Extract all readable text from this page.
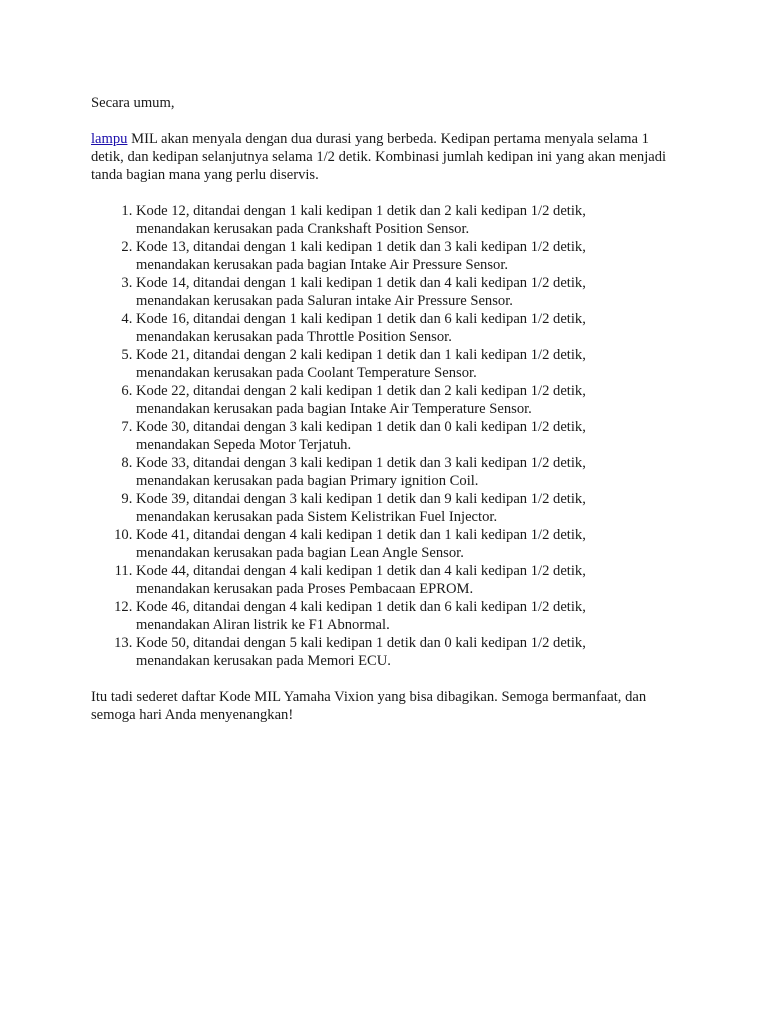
Secara umum,

lampu MIL akan menyala dengan dua durasi yang berbeda. Kedipan pertama menyala selama 1 detik, dan kedipan selanjutnya selama 1/2 detik. Kombinasi jumlah kedipan ini yang akan menjadi tanda bagian mana yang perlu diservis.

1. Kode 12, ditandai dengan 1 kali kedipan 1 detik dan 2 kali kedipan 1/2 detik, menandakan kerusakan pada Crankshaft Position Sensor.
2. Kode 13, ditandai dengan 1 kali kedipan 1 detik dan 3 kali kedipan 1/2 detik, menandakan kerusakan pada bagian Intake Air Pressure Sensor.
3. Kode 14, ditandai dengan 1 kali kedipan 1 detik dan 4 kali kedipan 1/2 detik, menandakan kerusakan pada Saluran intake Air Pressure Sensor.
4. Kode 16, ditandai dengan 1 kali kedipan 1 detik dan 6 kali kedipan 1/2 detik, menandakan kerusakan pada Throttle Position Sensor.
5. Kode 21, ditandai dengan 2 kali kedipan 1 detik dan 1 kali kedipan 1/2 detik, menandakan kerusakan pada Coolant Temperature Sensor.
6. Kode 22, ditandai dengan 2 kali kedipan 1 detik dan 2 kali kedipan 1/2 detik, menandakan kerusakan pada bagian Intake Air Temperature Sensor.
7. Kode 30, ditandai dengan 3 kali kedipan 1 detik dan 0 kali kedipan 1/2 detik, menandakan Sepeda Motor Terjatuh.
8. Kode 33, ditandai dengan 3 kali kedipan 1 detik dan 3 kali kedipan 1/2 detik, menandakan kerusakan pada bagian Primary ignition Coil.
9. Kode 39, ditandai dengan 3 kali kedipan 1 detik dan 9 kali kedipan 1/2 detik, menandakan kerusakan pada Sistem Kelistrikan Fuel Injector.
10. Kode 41, ditandai dengan 4 kali kedipan 1 detik dan 1 kali kedipan 1/2 detik, menandakan kerusakan pada bagian Lean Angle Sensor.
11. Kode 44, ditandai dengan 4 kali kedipan 1 detik dan 4 kali kedipan 1/2 detik, menandakan kerusakan pada Proses Pembacaan EPROM.
12. Kode 46, ditandai dengan 4 kali kedipan 1 detik dan 6 kali kedipan 1/2 detik, menandakan Aliran listrik ke F1 Abnormal.
13. Kode 50, ditandai dengan 5 kali kedipan 1 detik dan 0 kali kedipan 1/2 detik, menandakan kerusakan pada Memori ECU.

Itu tadi sederet daftar Kode MIL Yamaha Vixion yang bisa dibagikan. Semoga bermanfaat, dan semoga hari Anda menyenangkan!
